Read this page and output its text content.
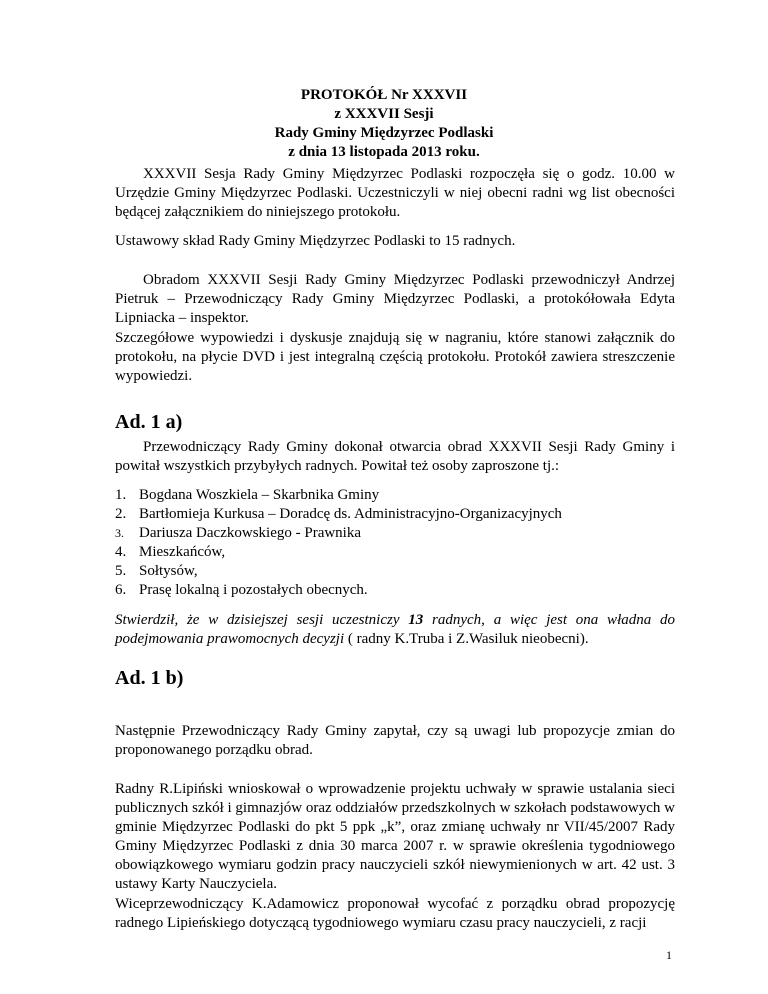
PROTOKÓŁ Nr XXXVII
z XXXVII Sesji
Rady Gminy Międzyrzec Podlaski
z dnia 13 listopada 2013 roku.

XXXVII Sesja Rady Gminy Międzyrzec Podlaski rozpoczęła się o godz. 10.00 w Urzędzie Gminy Międzyrzec Podlaski. Uczestniczyli w niej obecni radni wg list obecności będącej załącznikiem do niniejszego protokołu.

Ustawowy skład Rady Gminy Międzyrzec Podlaski to 15 radnych.

Obradom XXXVII Sesji Rady Gminy Międzyrzec Podlaski przewodniczył Andrzej Pietruk – Przewodniczący Rady Gminy Międzyrzec Podlaski, a protokółowała Edyta Lipniacka – inspektor.

Szczegółowe wypowiedzi i dyskusje znajdują się w nagraniu, które stanowi załącznik do protokołu, na płycie DVD i jest integralną częścią protokołu. Protokół zawiera streszczenie wypowiedzi.

Ad. 1 a)

Przewodniczący Rady Gminy dokonał otwarcia obrad XXXVII Sesji Rady Gminy i powitał wszystkich przybyłych radnych. Powitał też osoby zaproszone tj.:

1. Bogdana Woszkiela – Skarbnika Gminy
2. Bartłomieja Kurkusa – Doradcę ds. Administracyjno-Organizacyjnych
3. Dariusza Daczkowskiego - Prawnika
4. Mieszkańców,
5. Sołtysów,
6. Prasę lokalną i pozostałych obecnych.

Stwierdził, że w dzisiejszej sesji uczestniczy 13 radnych, a więc jest ona władna do podejmowania prawomocnych decyzji ( radny K.Truba i Z.Wasiluk nieobecni).

Ad. 1 b)

Następnie Przewodniczący Rady Gminy zapytał, czy są uwagi lub propozycje zmian do proponowanego porządku obrad.

Radny R.Lipiński wnioskował o wprowadzenie projektu uchwały w sprawie ustalania sieci publicznych szkół i gimnazjów oraz oddziałów przedszkolnych w szkołach podstawowych w gminie Międzyrzec Podlaski do pkt 5 ppk „k”, oraz zmianę uchwały nr VII/45/2007 Rady Gminy Międzyrzec Podlaski z dnia 30 marca 2007 r. w sprawie określenia tygodniowego obowiązkowego wymiaru godzin pracy nauczycieli szkół niewymienionych w art. 42 ust. 3 ustawy Karty Nauczyciela.

Wiceprzewodniczący K.Adamowicz proponował wycofać z porządku obrad propozycję radnego Lipieńskiego dotyczącą tygodniowego wymiaru czasu pracy nauczycieli, z racji

1
